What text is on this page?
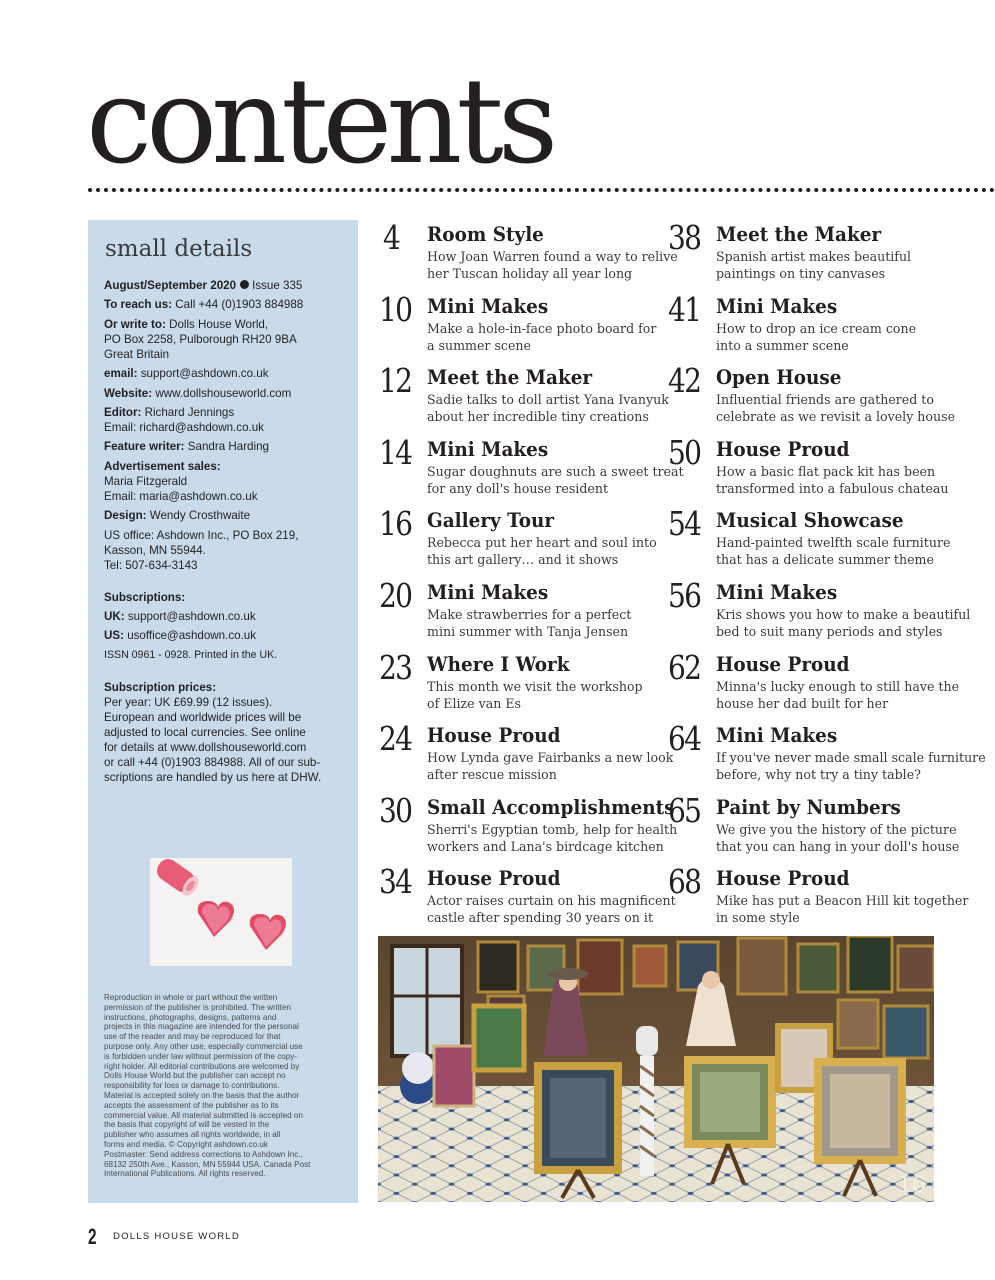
contents
small details
August/September 2020 Issue 335
To reach us: Call +44 (0)1903 884988
Or write to: Dolls House World,
PO Box 2258, Pulborough RH20 9BA
Great Britain
email: support@ashdown.co.uk
Website: www.dollshouseworld.com
Editor: Richard Jennings
Email: richard@ashdown.co.uk
Feature writer: Sandra Harding
Advertisement sales:
Maria Fitzgerald
Email: maria@ashdown.co.uk
Design: Wendy Crosthwaite
US office: Ashdown Inc., PO Box 219,
Kasson, MN 55944.
Tel: 507-634-3143
Subscriptions:
UK: support@ashdown.co.uk
US: usoffice@ashdown.co.uk
ISSN 0961 - 0928. Printed in the UK.
Subscription prices:
Per year: UK £69.99 (12 issues).
European and worldwide prices will be
adjusted to local currencies. See online
for details at www.dollshouseworld.com
or call +44 (0)1903 884988. All of our sub-
scriptions are handled by us here at DHW.
Reproduction in whole or part without the written
permission of the publisher is prohibited. The written
instructions, photographs, designs, patterns and
projects in this magazine are intended for the personal
use of the reader and may be reproduced for that
purpose only. Any other use, especially commercial use
is forbidden under law without permission of the copy-
right holder. All editorial contributions are welcomed by
Dolls House World but the publisher can accept no
responsibility for loss or damage to contributions.
Material is accepted solely on the basis that the author
accepts the assessment of the publisher as to its
commercial value. All material submitted is accepted on
the basis that copyright of will be vested in the
publisher who assumes all rights worldwide, in all
forms and media. © Copyright ashdown.co.uk
Postmaster: Send address corrections to Ashdown Inc.,
68132 250th Ave., Kasson, MN 55944 USA. Canada Post
International Publications. All rights reserved.
4 Room Style
How Joan Warren found a way to relive
her Tuscan holiday all year long
10 Mini Makes
Make a hole-in-face photo board for
a summer scene
12 Meet the Maker
Sadie talks to doll artist Yana Ivanyuk
about her incredible tiny creations
14 Mini Makes
Sugar doughnuts are such a sweet treat
for any doll's house resident
16 Gallery Tour
Rebecca put her heart and soul into
this art gallery… and it shows
20 Mini Makes
Make strawberries for a perfect
mini summer with Tanja Jensen
23 Where I Work
This month we visit the workshop
of Elize van Es
24 House Proud
How Lynda gave Fairbanks a new look
after rescue mission
30 Small Accomplishments
Sherri's Egyptian tomb, help for health
workers and Lana's birdcage kitchen
34 House Proud
Actor raises curtain on his magnificent
castle after spending 30 years on it
38 Meet the Maker
Spanish artist makes beautiful
paintings on tiny canvases
41 Mini Makes
How to drop an ice cream cone
into a summer scene
42 Open House
Influential friends are gathered to
celebrate as we revisit a lovely house
50 House Proud
How a basic flat pack kit has been
transformed into a fabulous chateau
54 Musical Showcase
Hand-painted twelfth scale furniture
that has a delicate summer theme
56 Mini Makes
Kris shows you how to make a beautiful
bed to suit many periods and styles
62 House Proud
Minna's lucky enough to still have the
house her dad built for her
64 Mini Makes
If you've never made small scale furniture
before, why not try a tiny table?
65 Paint by Numbers
We give you the history of the picture
that you can hang in your doll's house
68 House Proud
Mike has put a Beacon Hill kit together
in some style
16
2 DOLLS HOUSE WORLD
